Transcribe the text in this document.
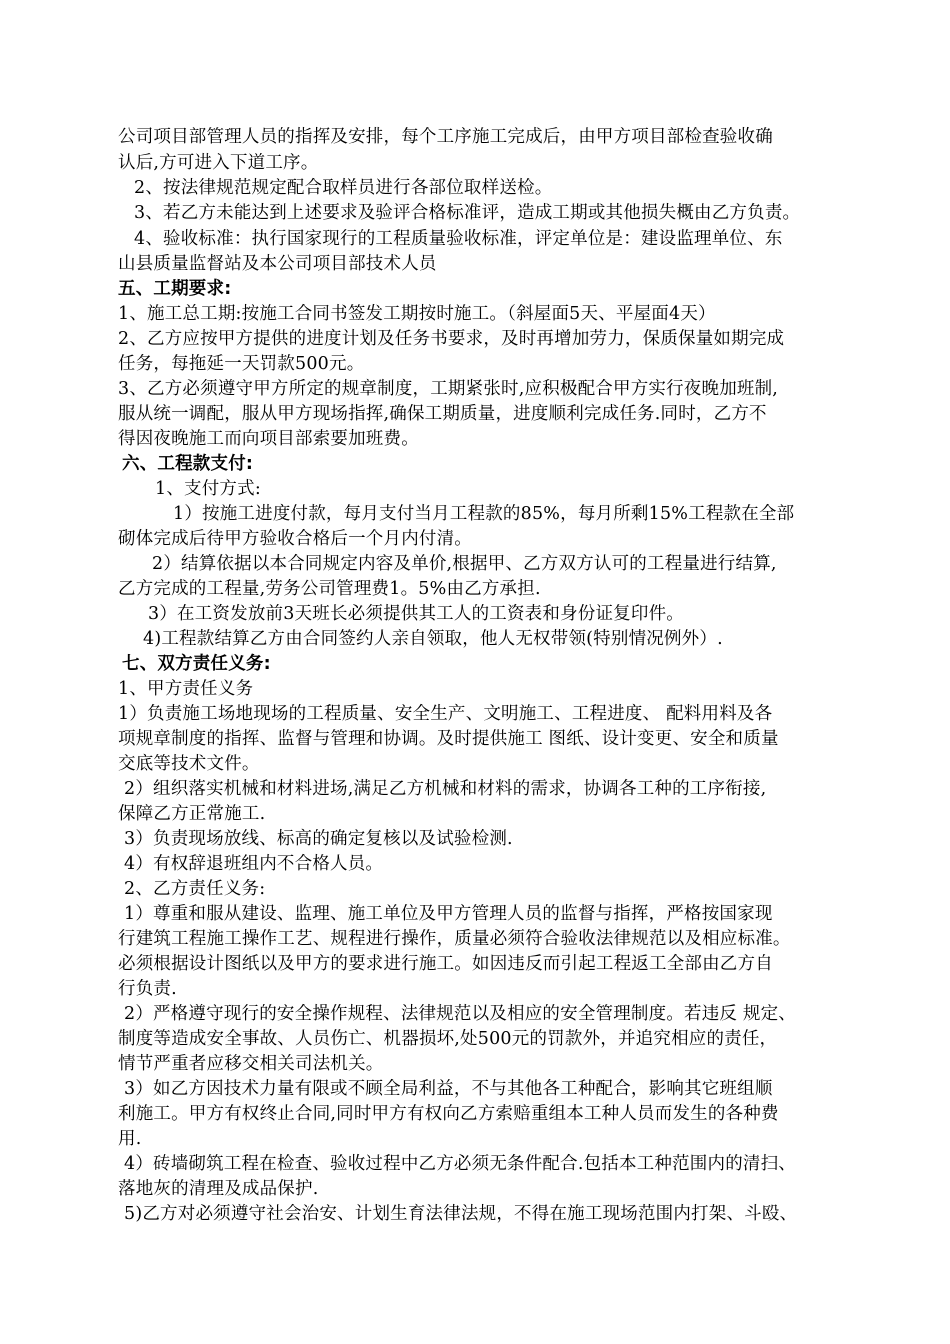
公司项目部管理人员的指挥及安排，每个工序施工完成后，由甲方项目部检查验收确
认后,方可进入下道工序。
2、按法律规范规定配合取样员进行各部位取样送检。
3、若乙方未能达到上述要求及验评合格标准评，造成工期或其他损失概由乙方负责。
4、验收标准：执行国家现行的工程质量验收标准，评定单位是：建设监理单位、东
山县质量监督站及本公司项目部技术人员
五、工期要求:
1、施工总工期:按施工合同书签发工期按时施工。（斜屋面5天、平屋面4天）
2、乙方应按甲方提供的进度计划及任务书要求，及时再增加劳力，保质保量如期完成
任务，每拖延一天罚款500元。
3、乙方必须遵守甲方所定的规章制度，工期紧张时,应积极配合甲方实行夜晚加班制,
服从统一调配，服从甲方现场指挥,确保工期质量，进度顺利完成任务.同时，乙方不
得因夜晚施工而向项目部索要加班费。
六、工程款支付:
1、支付方式:
1）按施工进度付款，每月支付当月工程款的85%，每月所剩15%工程款在全部
砌体完成后待甲方验收合格后一个月内付清。
2）结算依据以本合同规定内容及单价,根据甲、乙方双方认可的工程量进行结算,
乙方完成的工程量,劳务公司管理费1。5%由乙方承担.
3）在工资发放前3天班长必须提供其工人的工资表和身份证复印件。
4)工程款结算乙方由合同签约人亲自领取，他人无权带领(特别情况例外）.
七、双方责任义务:
1、甲方责任义务
1）负责施工场地现场的工程质量、安全生产、文明施工、工程进度、 配料用料及各
项规章制度的指挥、监督与管理和协调。及时提供施工 图纸、设计变更、安全和质量
交底等技术文件。
2）组织落实机械和材料进场,满足乙方机械和材料的需求，协调各工种的工序衔接,
保障乙方正常施工.
3）负责现场放线、标高的确定复核以及试验检测.
4）有权辞退班组内不合格人员。
2、乙方责任义务:
1）尊重和服从建设、监理、施工单位及甲方管理人员的监督与指挥，严格按国家现
行建筑工程施工操作工艺、规程进行操作，质量必须符合验收法律规范以及相应标准。
必须根据设计图纸以及甲方的要求进行施工。如因违反而引起工程返工全部由乙方自
行负责.
2）严格遵守现行的安全操作规程、法律规范以及相应的安全管理制度。若违反 规定、
制度等造成安全事故、人员伤亡、机器损坏,处500元的罚款外，并追究相应的责任，
情节严重者应移交相关司法机关。
3）如乙方因技术力量有限或不顾全局利益，不与其他各工种配合，影响其它班组顺
利施工。甲方有权终止合同,同时甲方有权向乙方索赔重组本工种人员而发生的各种费
用.
4）砖墙砌筑工程在检查、验收过程中乙方必须无条件配合.包括本工种范围内的清扫、
落地灰的清理及成品保护.
5)乙方对必须遵守社会治安、计划生育法律法规，不得在施工现场范围内打架、斗殴、
